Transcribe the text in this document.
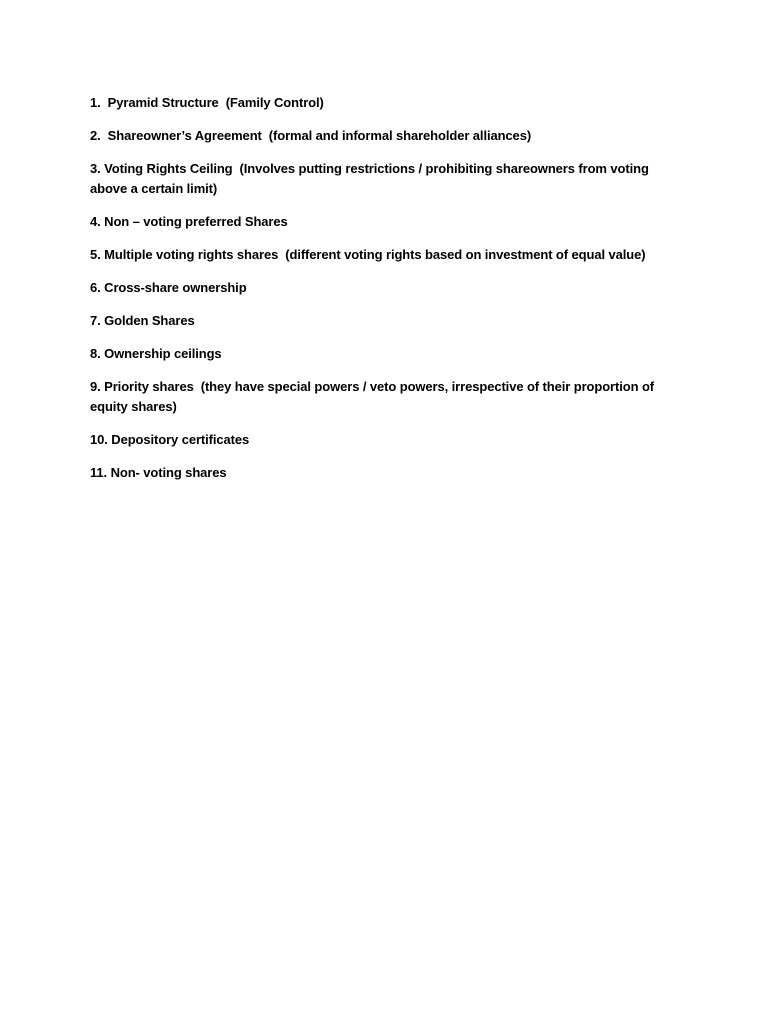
1.  Pyramid Structure  (Family Control)

2.  Shareowner’s Agreement  (formal and informal shareholder alliances)

3. Voting Rights Ceiling  (Involves putting restrictions / prohibiting shareowners from voting above a certain limit)

4. Non – voting preferred Shares

5. Multiple voting rights shares  (different voting rights based on investment of equal value)

6. Cross-share ownership

7. Golden Shares

8. Ownership ceilings

9. Priority shares  (they have special powers / veto powers, irrespective of their proportion of equity shares)

10. Depository certificates

11. Non- voting shares
